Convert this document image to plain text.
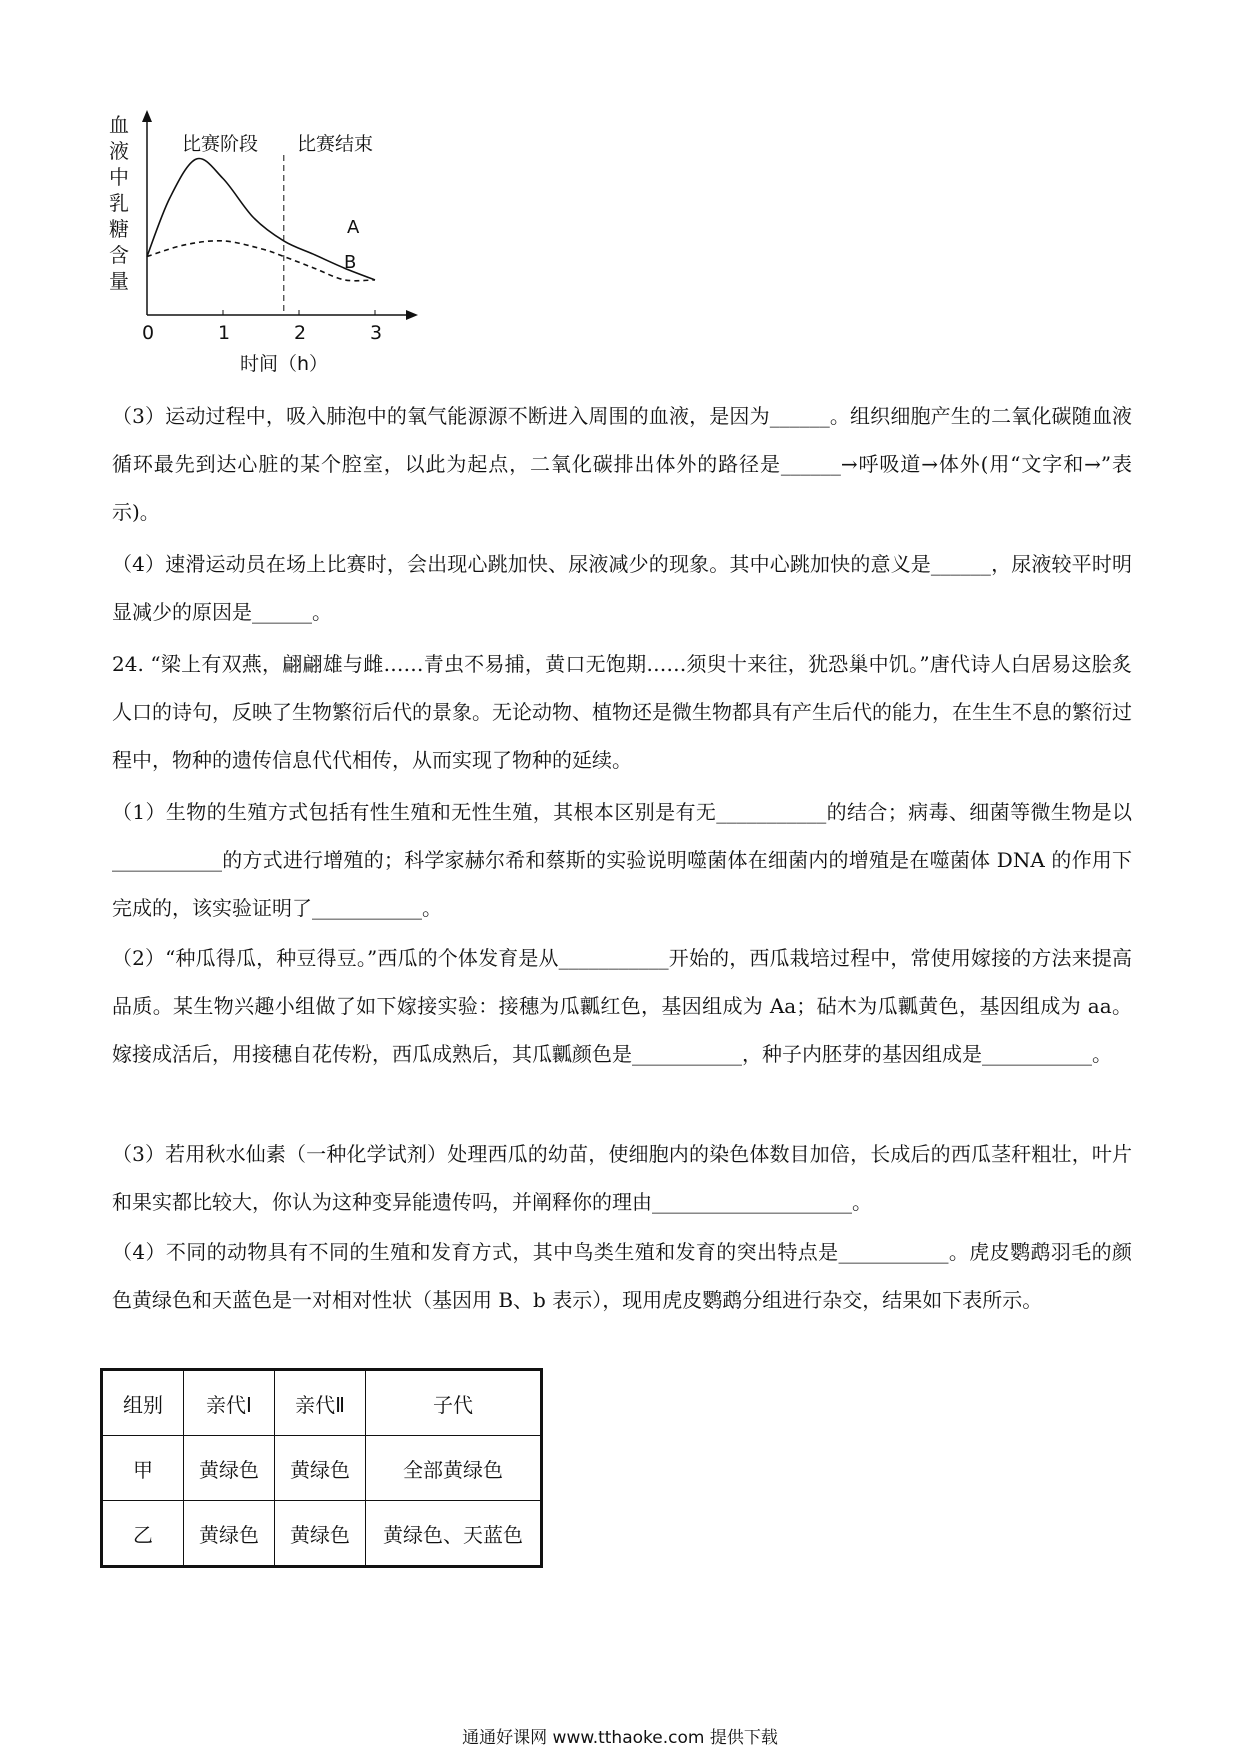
血
液
中
乳
糖
含
量
0	1	2	3
比赛阶段 比赛结束
A
B
时间（h）

（3）运动过程中，吸入肺泡中的氧气能源源不断进入周围的血液，是因为______。组织细胞产生的二氧化碳随血液循环最先到达心脏的某个腔室，以此为起点，二氧化碳排出体外的路径是______→呼吸道→体外(用“文字和→”表示)。

（4）速滑运动员在场上比赛时，会出现心跳加快、尿液减少的现象。其中心跳加快的意义是______，尿液较平时明显减少的原因是______。

24. “梁上有双燕，翩翩雄与雌……青虫不易捕，黄口无饱期……须臾十来往，犹恐巢中饥。”唐代诗人白居易这脍炙人口的诗句，反映了生物繁衍后代的景象。无论动物、植物还是微生物都具有产生后代的能力，在生生不息的繁衍过程中，物种的遗传信息代代相传，从而实现了物种的延续。

（1）生物的生殖方式包括有性生殖和无性生殖，其根本区别是有无___________的结合；病毒、细菌等微生物是以___________的方式进行增殖的；科学家赫尔希和蔡斯的实验说明噬菌体在细菌内的增殖是在噬菌体 DNA 的作用下完成的，该实验证明了___________。

（2）“种瓜得瓜，种豆得豆。”西瓜的个体发育是从___________开始的，西瓜栽培过程中，常使用嫁接的方法来提高品质。某生物兴趣小组做了如下嫁接实验：接穗为瓜瓤红色，基因组成为 Aa；砧木为瓜瓤黄色，基因组成为 aa。嫁接成活后，用接穗自花传粉，西瓜成熟后，其瓜瓤颜色是___________，种子内胚芽的基因组成是___________。

（3）若用秋水仙素（一种化学试剂）处理西瓜的幼苗，使细胞内的染色体数目加倍，长成后的西瓜茎秆粗壮，叶片和果实都比较大，你认为这种变异能遗传吗，并阐释你的理由____________________。

（4）不同的动物具有不同的生殖和发育方式，其中鸟类生殖和发育的突出特点是___________。虎皮鹦鹉羽毛的颜色黄绿色和天蓝色是一对相对性状（基因用 B、b 表示），现用虎皮鹦鹉分组进行杂交，结果如下表所示。

组别	亲代Ⅰ	亲代Ⅱ	子代
甲	黄绿色	黄绿色	全部黄绿色
乙	黄绿色	黄绿色	黄绿色、天蓝色
通通好课网 www.tthaoke.com 提供下载
